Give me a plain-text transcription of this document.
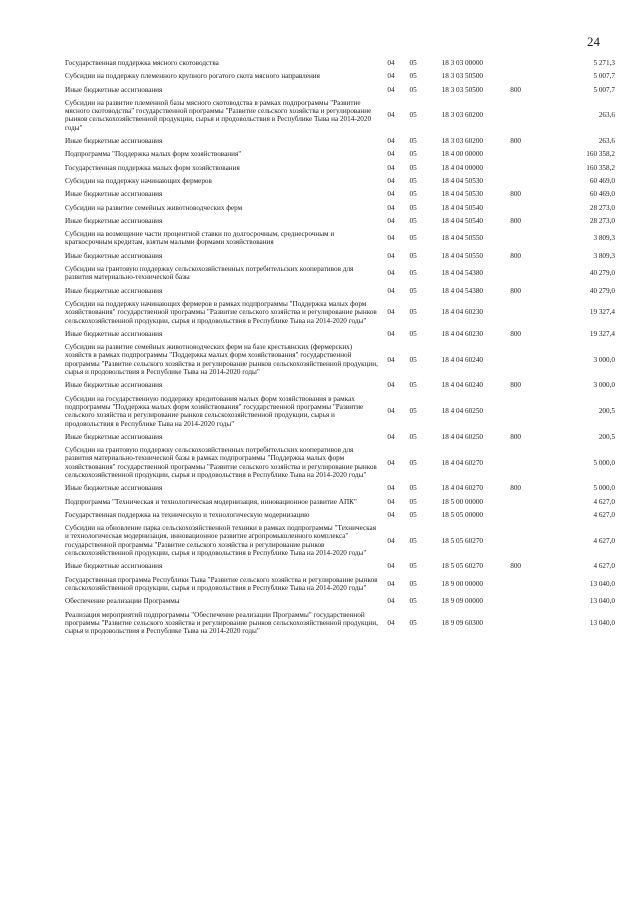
24
Государственная поддержка мясного скотоводства	04	05	18 3 03 00000		5 271,3
Субсидии на поддержку племенного крупного рогатого скота мясного направления	04	05	18 3 03 50500		5 007,7
Иные бюджетные ассигнования	04	05	18 3 03 50500	800	5 007,7
Субсидии на развитие племенной базы мясного скотоводства в рамках подпрограммы "Развитие мясного скотоводства" государственной программы "Развитие сельского хозяйства и регулирование рынков сельскохозяйственной продукции, сырья и продовольствия в Республике Тыва на 2014-2020 годы"	04	05	18 3 03 60200		263,6
Иные бюджетные ассигнования	04	05	18 3 03 60200	800	263,6
Подпрограмма "Поддержка малых форм хозяйствования"	04	05	18 4 00 00000		160 358,2
Государственная поддержка малых форм хозяйствования	04	05	18 4 04 00000		160 358,2
Субсидии на поддержку начинающих фермеров	04	05	18 4 04 50530		60 469,0
Иные бюджетные ассигнования	04	05	18 4 04 50530	800	60 469,0
Субсидии на развитие семейных животноводческих ферм	04	05	18 4 04 50540		28 273,0
Иные бюджетные ассигнования	04	05	18 4 04 50540	800	28 273,0
Субсидии на возмещение части процентной ставки по долгосрочным, среднесрочным и краткосрочным кредитам, взятым малыми формами хозяйствования	04	05	18 4 04 50550		3 809,3
Иные бюджетные ассигнования	04	05	18 4 04 50550	800	3 809,3
Субсидии на грантовую поддержку сельскохозяйственных потребительских кооперативов для развития материально-технической базы	04	05	18 4 04 54380		40 279,0
Иные бюджетные ассигнования	04	05	18 4 04 54380	800	40 279,0
Субсидии на поддержку начинающих фермеров в рамках подпрограммы "Поддержка малых форм хозяйствования" государственной программы "Развитие сельского хозяйства и регулирование рынков сельскохозяйственной продукции, сырья и продовольствия в Республике Тыва на 2014-2020 годы"	04	05	18 4 04 60230		19 327,4
Иные бюджетные ассигнования	04	05	18 4 04 60230	800	19 327,4
Субсидии на развитие семейных животноводческих ферм на базе крестьянских (фермерских) хозяйств в рамках подпрограммы "Поддержка малых форм хозяйствования" государственной программы "Развитие сельского хозяйства и регулирование рынков сельскохозяйственной продукции, сырья и продовольствия в Республике Тыва на 2014-2020 годы"	04	05	18 4 04 60240		3 000,0
Иные бюджетные ассигнования	04	05	18 4 04 60240	800	3 000,0
Субсидии на государственную поддержку кредитования малых форм хозяйствования в рамках подпрограммы "Поддержка малых форм хозяйствования" государственной программы "Развитие сельского хозяйства и регулирование рынков сельскохозяйственной продукции, сырья и продовольствия в Республике Тыва на 2014-2020 годы"	04	05	18 4 04 60250		200,5
Иные бюджетные ассигнования	04	05	18 4 04 60250	800	200,5
Субсидии на грантовую поддержку сельскохозяйственных потребительских кооперативов для развития материально-технической базы в рамках подпрограммы "Поддержка малых форм хозяйствования" государственной программы "Развитие сельского хозяйства и регулирование рынков сельскохозяйственной продукции, сырья и продовольствия в Республике Тыва на 2014-2020 годы"	04	05	18 4 04 60270		5 000,0
Иные бюджетные ассигнования	04	05	18 4 04 60270	800	5 000,0
Подпрограмма "Техническая и технологическая модернизация, инновационное развитие АПК"	04	05	18 5 00 00000		4 627,0
Государственная поддержка на техническую и технологическую модернизацию	04	05	18 5 05 00000		4 627,0
Субсидии на обновление парка сельскохозяйственной техники в рамках подпрограммы "Техническая и технологическая модернизация, инновационное развитие агропромышленного комплекса" государственной программы "Развитие сельского хозяйства и регулирование рынков сельскохозяйственной продукции, сырья и продовольствия в Республике Тыва на 2014-2020 годы"	04	05	18 5 05 60270		4 627,0
Иные бюджетные ассигнования	04	05	18 5 05 60270	800	4 627,0
Государственная программа Республики Тыва "Развитие сельского хозяйства и регулирование рынков сельскохозяйственной продукции, сырья и продовольствия в Республике Тыва на 2014-2020 годы"	04	05	18 9 00 00000		13 040,0
Обеспечение реализации Программы	04	05	18 9 09 00000		13 040,0
Реализация мероприятий подпрограммы "Обеспечение реализации Программы" государственной программы "Развитие сельского хозяйства и регулирование рынков сельскохозяйственной продукции, сырья и продовольствия в Республике Тыва на 2014-2020 годы"	04	05	18 9 09 60300		13 040,0
